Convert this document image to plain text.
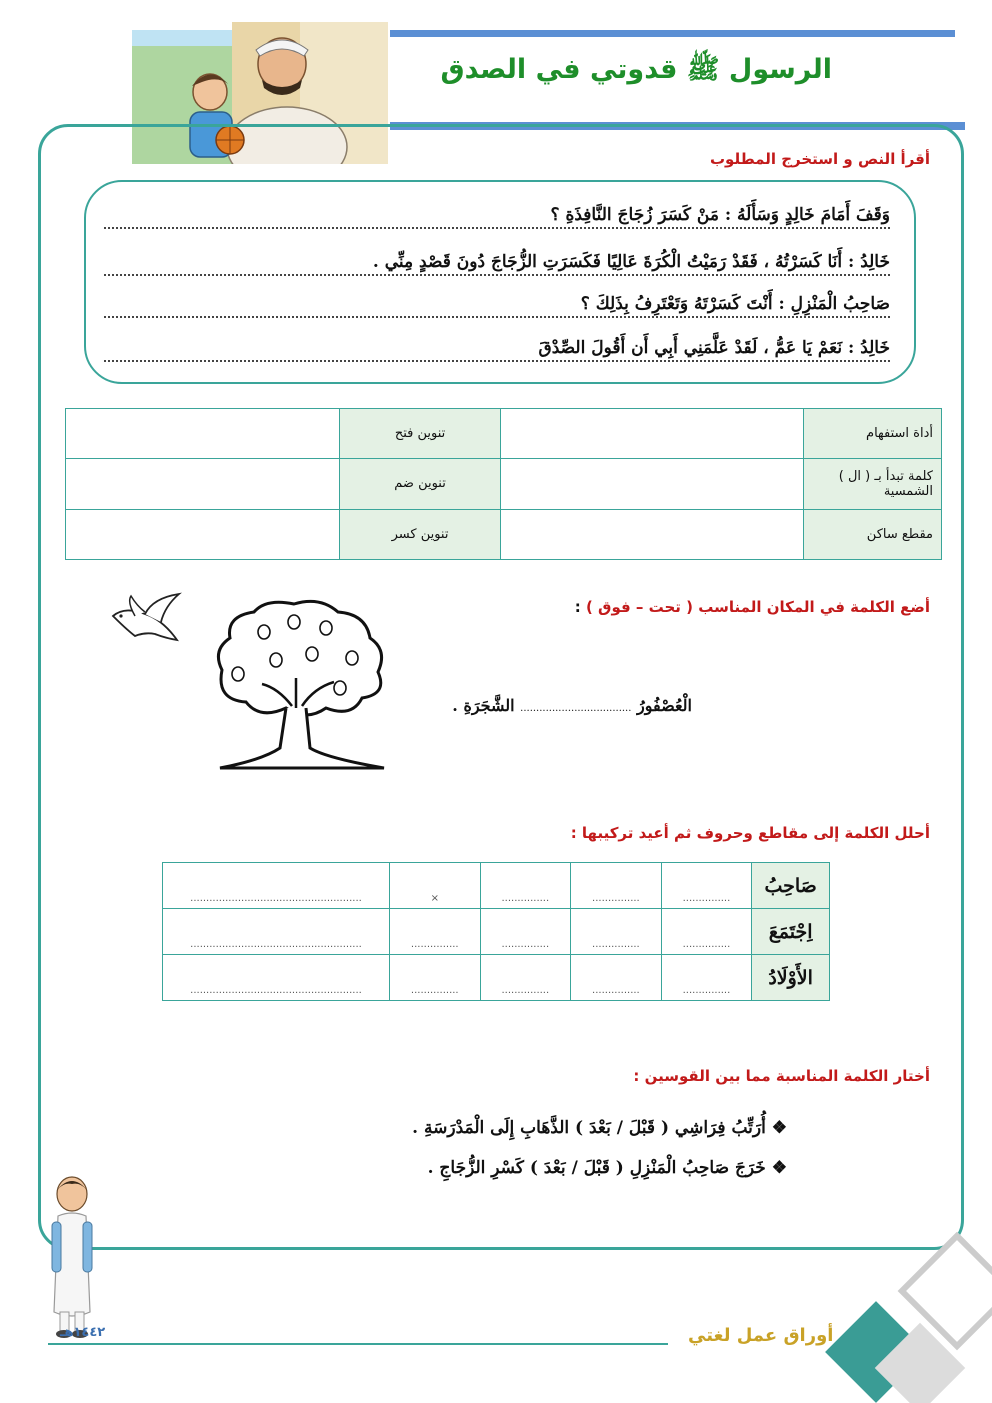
الرسول ﷺ قدوتي في الصدق
أقرأ النص و استخرج المطلوب
وَقَفَ أَمَامَ خَالِدٍ وَسَأَلَهُ : مَنْ كَسَرَ زُجَاجَ النَّافِذَةِ ؟
خَالِدُ : أَنَا كَسَرْتُهُ ، فَقَدْ رَمَيْتُ الْكُرَةَ عَالِيًا فَكَسَرَتِ الزُّجَاجَ دُونَ قَصْدٍ مِنِّي .
صَاحِبُ الْمَنْزِلِ : أَنْتَ كَسَرْتَهُ وَتَعْتَرِفُ بِذَلِكَ ؟
خَالِدُ : نَعَمْ يَا عَمُّ ، لَقَدْ عَلَّمَنِي أَبِي أَن أَقُولَ الصِّدْقَ
أداة استفهام		تنوين فتح	
كلمة تبدأ بـ ( ال ) الشمسية		تنوين ضم	
مقطع ساكن		تنوين كسر	
أضع الكلمة في المكان المناسب ( تحت – فوق ) :
الْعُصْفُورُ ................................... الشَّجَرَةِ .
أحلل الكلمة إلى مقاطع وحروف ثم أعيد تركيبها :
صَاحِبُ	...............	...............	...............	×	......................................................
اِجْتَمَعَ	...............	...............	...............	...............	......................................................
الأَوْلَادُ	...............	...............	...............	...............	......................................................
أختار الكلمة المناسبة مما بين القوسين :
❖ أُرَتِّبُ فِرَاشِي ( قَبْلَ / بَعْدَ ) الذَّهَابِ إِلَى الْمَدْرَسَةِ .
❖ خَرَجَ صَاحِبُ الْمَنْزِلِ ( قَبْلَ / بَعْدَ ) كَسْرِ الزُّجَاجِ .
أوراق عمل لغتي
١٤٤٢هـ
